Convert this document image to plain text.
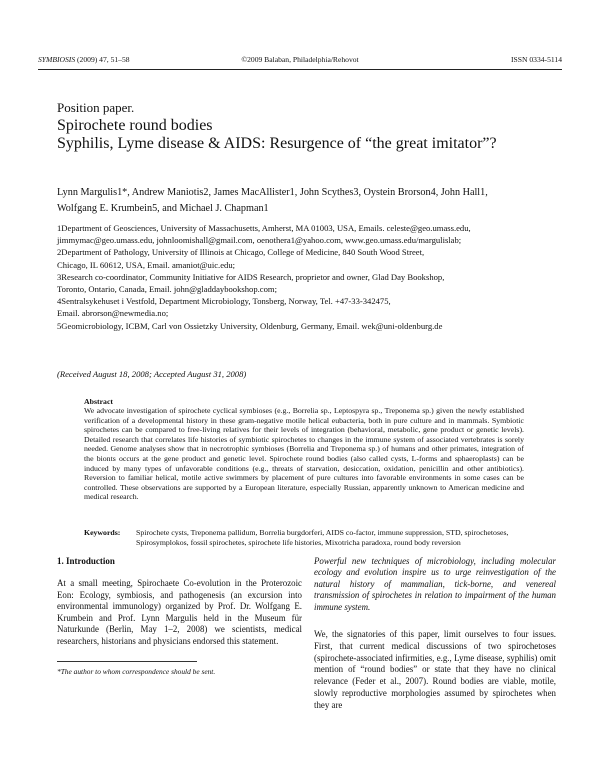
SYMBIOSIS (2009) 47, 51–58	©2009 Balaban, Philadelphia/Rehovot	ISSN 0334-5114
Position paper.
Spirochete round bodies
Syphilis, Lyme disease & AIDS: Resurgence of “the great imitator”?
Lynn Margulis1*, Andrew Maniotis2, James MacAllister1, John Scythes3, Oystein Brorson4, John Hall1,
Wolfgang E. Krumbein5, and Michael J. Chapman1
1Department of Geosciences, University of Massachusetts, Amherst, MA 01003, USA, Emails. celeste@geo.umass.edu,
jimmymac@geo.umass.edu, johnloomishall@gmail.com, oenothera1@yahoo.com, www.geo.umass.edu/margulislab;
2Department of Pathology, University of Illinois at Chicago, College of Medicine, 840 South Wood Street,
Chicago, IL 60612, USA, Email. amaniot@uic.edu;
3Research co-coordinator, Community Initiative for AIDS Research, proprietor and owner, Glad Day Bookshop,
Toronto, Ontario, Canada, Email. john@gladdaybookshop.com;
4Sentralsykehuset i Vestfold, Department Microbiology, Tonsberg, Norway, Tel. +47-33-342475,
Email. abrorson@newmedia.no;
5Geomicrobiology, ICBM, Carl von Ossietzky University, Oldenburg, Germany, Email. wek@uni-oldenburg.de
(Received August 18, 2008; Accepted August 31, 2008)
Abstract
We advocate investigation of spirochete cyclical symbioses (e.g., Borrelia sp., Leptospyra sp., Treponema sp.) given the newly established verification of a developmental history in these gram-negative motile helical eubacteria, both in pure culture and in mammals. Symbiotic spirochetes can be compared to free-living relatives for their levels of integration (behavioral, metabolic, gene product or genetic levels). Detailed research that correlates life histories of symbiotic spirochetes to changes in the immune system of associated vertebrates is sorely needed. Genome analyses show that in necrotrophic symbioses (Borrelia and Treponema sp.) of humans and other primates, integration of the bionts occurs at the gene product and genetic level. Spirochete round bodies (also called cysts, L-forms and sphaeroplasts) can be induced by many types of unfavorable conditions (e.g., threats of starvation, desiccation, oxidation, penicillin and other antibiotics). Reversion to familiar helical, motile active swimmers by placement of pure cultures into favorable environments in some cases can be controlled. These observations are supported by a European literature, especially Russian, apparently unknown to American medicine and medical research.
Keywords: Spirochete cysts, Treponema pallidum, Borrelia burgdorferi, AIDS co-factor, immune suppression, STD, spirochetoses, Spirosymplokos, fossil spirochetes, spirochete life histories, Mixotricha paradoxa, round body reversion
1. Introduction
At a small meeting, Spirochaete Co-evolution in the Proterozoic Eon: Ecology, symbiosis, and pathogenesis (an excursion into environmental immunology) organized by Prof. Dr. Wolfgang E. Krumbein and Prof. Lynn Margulis held in the Museum für Naturkunde (Berlin, May 1–2, 2008) we scientists, medical researchers, historians and physicians endorsed this statement.
*The author to whom correspondence should be sent.
Powerful new techniques of microbiology, including molecular ecology and evolution inspire us to urge reinvestigation of the natural history of mammalian, tick-borne, and venereal transmission of spirochetes in relation to impairment of the human immune system.
We, the signatories of this paper, limit ourselves to four issues. First, that current medical discussions of two spirochetoses (spirochete-associated infirmities, e.g., Lyme disease, syphilis) omit mention of “round bodies” or state that they have no clinical relevance (Feder et al., 2007). Round bodies are viable, motile, slowly reproductive morphologies assumed by spirochetes when they are
